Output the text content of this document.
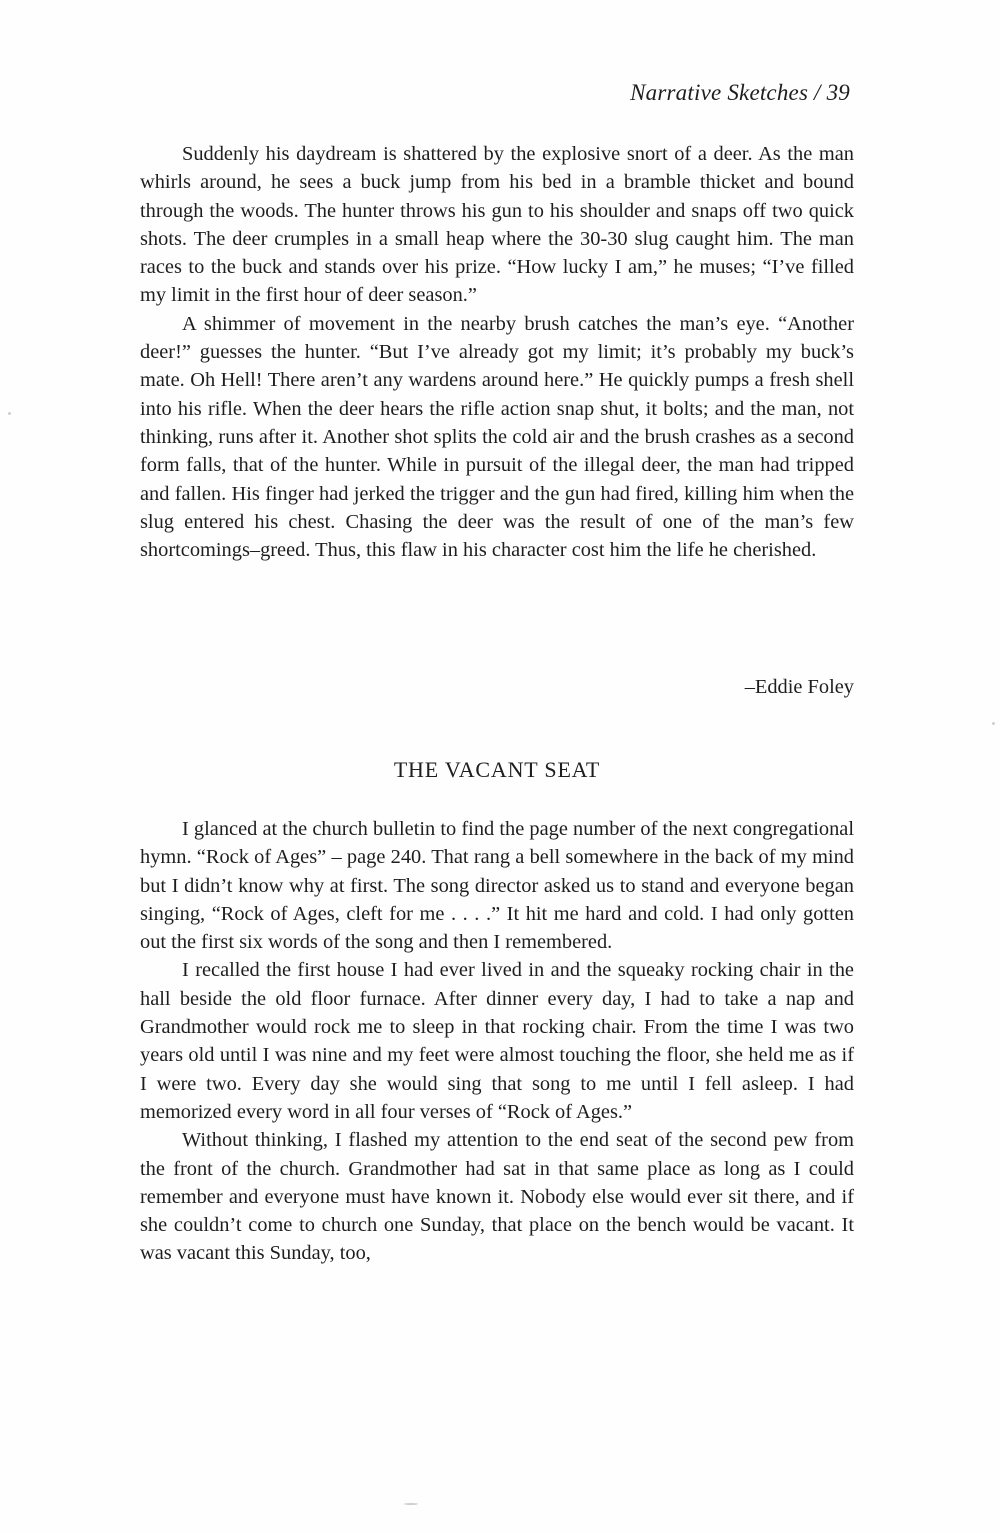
Narrative Sketches / 39

Suddenly his daydream is shattered by the explosive snort of a deer. As the man whirls around, he sees a buck jump from his bed in a bramble thicket and bound through the woods. The hunter throws his gun to his shoulder and snaps off two quick shots. The deer crumples in a small heap where the 30-30 slug caught him. The man races to the buck and stands over his prize. “How lucky I am,” he muses; “I’ve filled my limit in the first hour of deer season.”

A shimmer of movement in the nearby brush catches the man’s eye. “Another deer!” guesses the hunter. “But I’ve already got my limit; it’s probably my buck’s mate. Oh Hell! There aren’t any wardens around here.” He quickly pumps a fresh shell into his rifle. When the deer hears the rifle action snap shut, it bolts; and the man, not thinking, runs after it. Another shot splits the cold air and the brush crashes as a second form falls, that of the hunter. While in pursuit of the illegal deer, the man had tripped and fallen. His finger had jerked the trigger and the gun had fired, killing him when the slug entered his chest. Chasing the deer was the result of one of the man’s few shortcomings–greed. Thus, this flaw in his character cost him the life he cherished.

–Eddie Foley
THE VACANT SEAT

I glanced at the church bulletin to find the page number of the next congregational hymn. “Rock of Ages” – page 240. That rang a bell somewhere in the back of my mind but I didn’t know why at first. The song director asked us to stand and everyone began singing, “Rock of Ages, cleft for me . . . .” It hit me hard and cold. I had only gotten out the first six words of the song and then I remembered.

I recalled the first house I had ever lived in and the squeaky rocking chair in the hall beside the old floor furnace. After dinner every day, I had to take a nap and Grandmother would rock me to sleep in that rocking chair. From the time I was two years old until I was nine and my feet were almost touching the floor, she held me as if I were two. Every day she would sing that song to me until I fell asleep. I had memorized every word in all four verses of “Rock of Ages.”

Without thinking, I flashed my attention to the end seat of the second pew from the front of the church. Grandmother had sat in that same place as long as I could remember and everyone must have known it. Nobody else would ever sit there, and if she couldn’t come to church one Sunday, that place on the bench would be vacant. It was vacant this Sunday, too,
